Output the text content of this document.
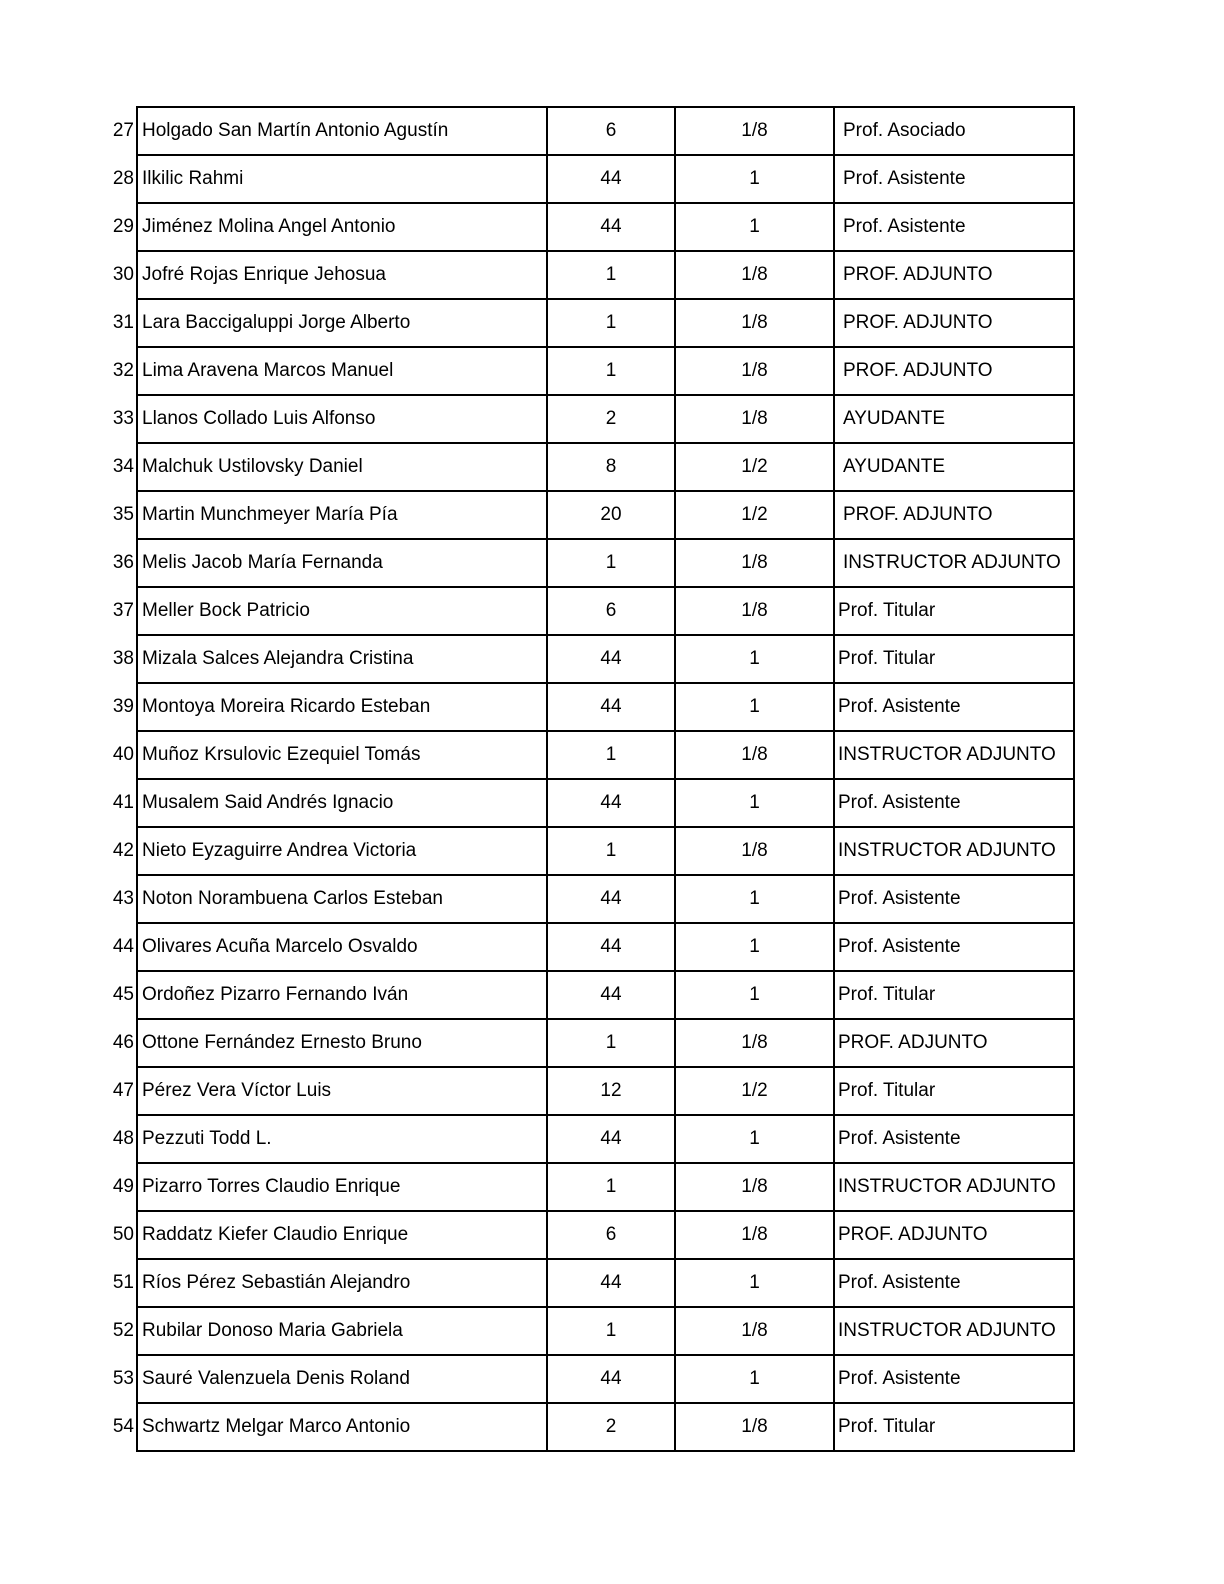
27	Holgado San Martín Antonio Agustín	6	1/8	Prof. Asociado
28	Ilkilic Rahmi	44	1	Prof. Asistente
29	Jiménez Molina Angel Antonio	44	1	Prof. Asistente
30	Jofré Rojas Enrique Jehosua	1	1/8	PROF. ADJUNTO
31	Lara Baccigaluppi Jorge Alberto	1	1/8	PROF. ADJUNTO
32	Lima Aravena Marcos Manuel	1	1/8	PROF. ADJUNTO
33	Llanos Collado Luis Alfonso	2	1/8	AYUDANTE
34	Malchuk Ustilovsky Daniel	8	1/2	AYUDANTE
35	Martin Munchmeyer María Pía	20	1/2	PROF. ADJUNTO
36	Melis Jacob María Fernanda	1	1/8	INSTRUCTOR ADJUNTO
37	Meller Bock Patricio	6	1/8	Prof. Titular
38	Mizala Salces Alejandra Cristina	44	1	Prof. Titular
39	Montoya Moreira Ricardo Esteban	44	1	Prof. Asistente
40	Muñoz Krsulovic Ezequiel Tomás	1	1/8	INSTRUCTOR ADJUNTO
41	Musalem Said Andrés Ignacio	44	1	Prof. Asistente
42	Nieto Eyzaguirre Andrea Victoria	1	1/8	INSTRUCTOR ADJUNTO
43	Noton Norambuena Carlos Esteban	44	1	Prof. Asistente
44	Olivares Acuña Marcelo Osvaldo	44	1	Prof. Asistente
45	Ordoñez Pizarro Fernando Iván	44	1	Prof. Titular
46	Ottone Fernández Ernesto Bruno	1	1/8	PROF. ADJUNTO
47	Pérez Vera Víctor Luis	12	1/2	Prof. Titular
48	Pezzuti Todd L.	44	1	Prof. Asistente
49	Pizarro Torres Claudio Enrique	1	1/8	INSTRUCTOR ADJUNTO
50	Raddatz Kiefer Claudio Enrique	6	1/8	PROF. ADJUNTO
51	Ríos Pérez Sebastián Alejandro	44	1	Prof. Asistente
52	Rubilar Donoso Maria Gabriela	1	1/8	INSTRUCTOR ADJUNTO
53	Sauré Valenzuela Denis Roland	44	1	Prof. Asistente
54	Schwartz Melgar Marco Antonio	2	1/8	Prof. Titular
